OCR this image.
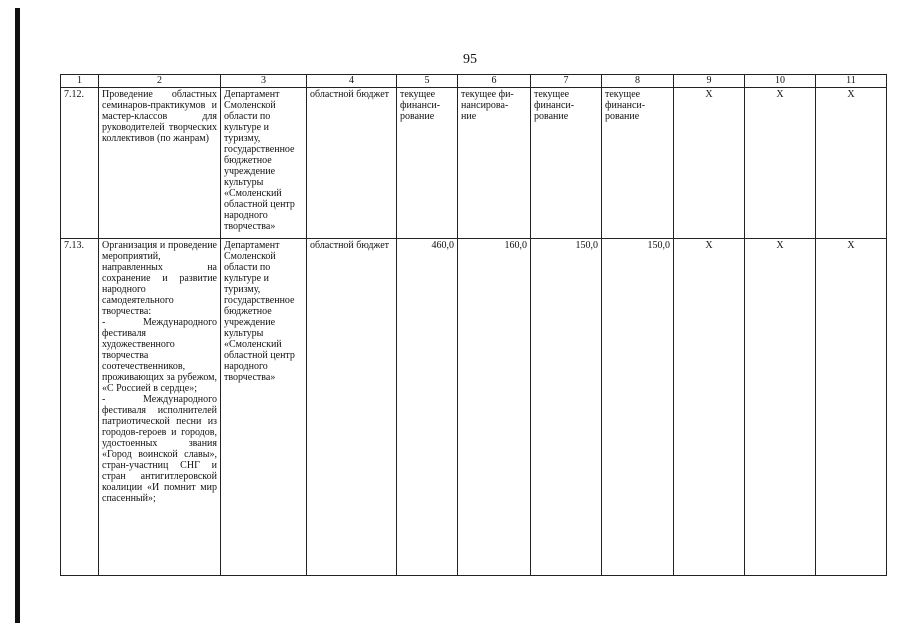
95
1	2	3	4	5	6	7	8	9	10	11
7.12.	Проведение областных семинаров-практикумов и мастер-классов для руководителей творческих коллективов (по жанрам)	Департамент Смоленской области по культуре и туризму, государственное бюджетное учреждение культуры «Смоленский областной центр народного творчества»	областной бюджет	текущее
финанси-
рование	текущее фи-
нансирова-
ние	текущее
финанси-
рование	текущее
финанси-
рование	Х	Х	Х
7.13.	Организация и проведение мероприятий, направленных на сохранение и развитие народного самодеятельного творчества:
- Международного фестиваля художественного творчества соотечественников, проживающих за рубежом, «С Россией в сердце»;
- Международного фестиваля исполнителей патриотической песни из городов-героев и городов, удостоенных звания «Город воинской славы», стран-участниц СНГ и стран антигитлеровской коалиции «И помнит мир спасенный»;	Департамент Смоленской области по культуре и туризму, государственное бюджетное учреждение культуры «Смоленский областной центр народного творчества»	областной бюджет	460,0	160,0	150,0	150,0	Х	Х	Х
